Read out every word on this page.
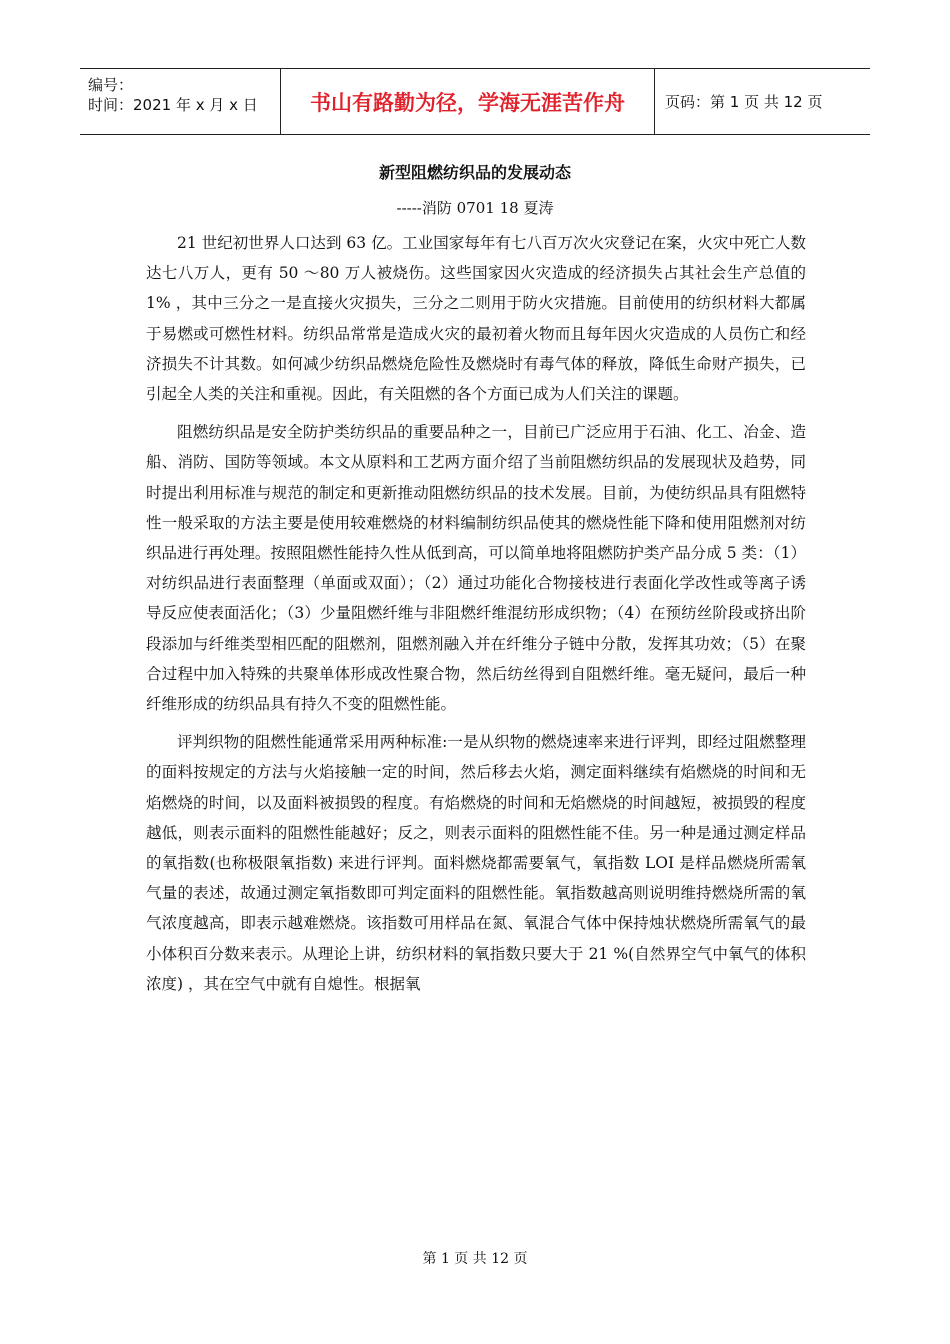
编号：
时间：2021 年 x 月 x 日	书山有路勤为径，学海无涯苦作舟	页码：第 1 页 共 12 页
新型阻燃纺织品的发展动态
-----消防 0701 18 夏涛

21 世纪初世界人口达到 63 亿。工业国家每年有七八百万次火灾登记在案，火灾中死亡人数达七八万人，更有 50 ～80 万人被烧伤。这些国家因火灾造成的经济损失占其社会生产总值的 1% ，其中三分之一是直接火灾损失，三分之二则用于防火灾措施。目前使用的纺织材料大都属于易燃或可燃性材料。纺织品常常是造成火灾的最初着火物而且每年因火灾造成的人员伤亡和经济损失不计其数。如何减少纺织品燃烧危险性及燃烧时有毒气体的释放，降低生命财产损失，已引起全人类的关注和重视。因此，有关阻燃的各个方面已成为人们关注的课题。

阻燃纺织品是安全防护类纺织品的重要品种之一，目前已广泛应用于石油、化工、冶金、造船、消防、国防等领域。本文从原料和工艺两方面介绍了当前阻燃纺织品的发展现状及趋势，同时提出利用标准与规范的制定和更新推动阻燃纺织品的技术发展。目前，为使纺织品具有阻燃特性一般采取的方法主要是使用较难燃烧的材料编制纺织品使其的燃烧性能下降和使用阻燃剂对纺织品进行再处理。按照阻燃性能持久性从低到高，可以简单地将阻燃防护类产品分成 5 类：（1）对纺织品进行表面整理（单面或双面）；（2）通过功能化合物接枝进行表面化学改性或等离子诱导反应使表面活化；（3）少量阻燃纤维与非阻燃纤维混纺形成织物；（4）在预纺丝阶段或挤出阶段添加与纤维类型相匹配的阻燃剂，阻燃剂融入并在纤维分子链中分散，发挥其功效；（5）在聚合过程中加入特殊的共聚单体形成改性聚合物，然后纺丝得到自阻燃纤维。毫无疑问，最后一种纤维形成的纺织品具有持久不变的阻燃性能。

评判织物的阻燃性能通常采用两种标准:一是从织物的燃烧速率来进行评判，即经过阻燃整理的面料按规定的方法与火焰接触一定的时间，然后移去火焰，测定面料继续有焰燃烧的时间和无焰燃烧的时间，以及面料被损毁的程度。有焰燃烧的时间和无焰燃烧的时间越短，被损毁的程度越低，则表示面料的阻燃性能越好；反之，则表示面料的阻燃性能不佳。另一种是通过测定样品的氧指数(也称极限氧指数) 来进行评判。面料燃烧都需要氧气，氧指数 LOI 是样品燃烧所需氧气量的表述，故通过测定氧指数即可判定面料的阻燃性能。氧指数越高则说明维持燃烧所需的氧气浓度越高，即表示越难燃烧。该指数可用样品在氮、氧混合气体中保持烛状燃烧所需氧气的最小体积百分数来表示。从理论上讲，纺织材料的氧指数只要大于 21 %(自然界空气中氧气的体积浓度) ，其在空气中就有自熄性。根据氧

第 1 页 共 12 页
